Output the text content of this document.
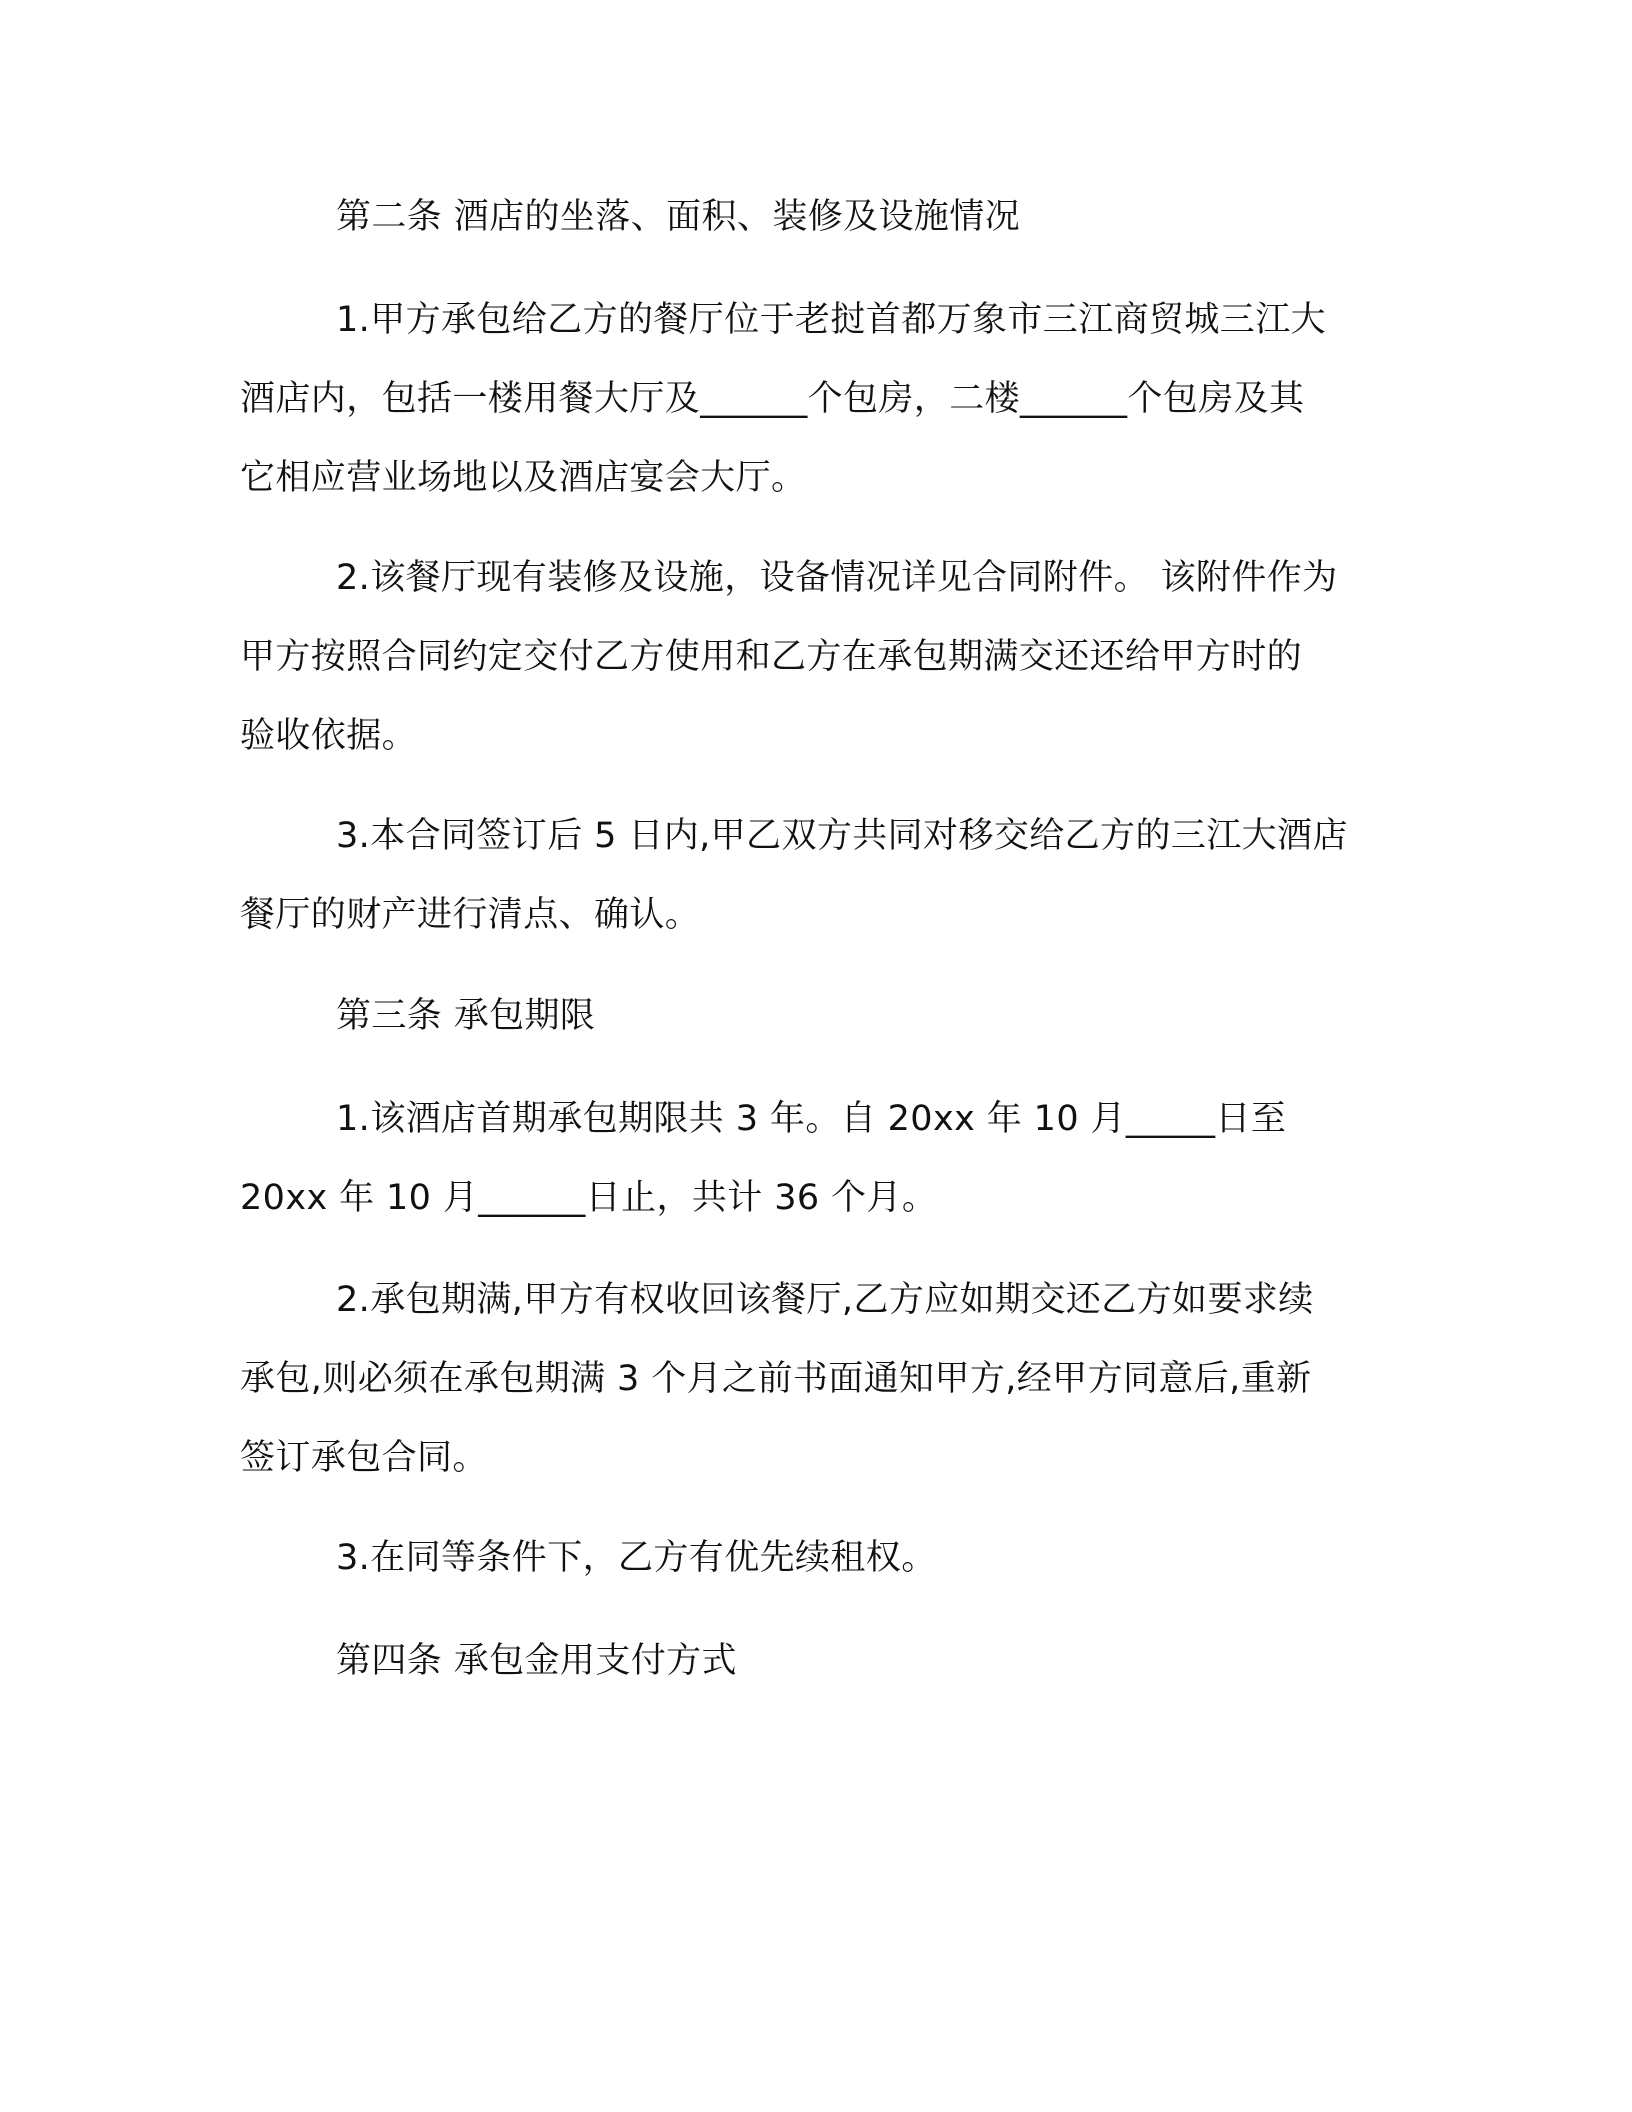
第二条 酒店的坐落、面积、装修及设施情况

1.甲方承包给乙方的餐厅位于老挝首都万象市三江商贸城三江大
酒店内，包括一楼用餐大厅及______个包房，二楼______个包房及其
它相应营业场地以及酒店宴会大厅。

2.该餐厅现有装修及设施，设备情况详见合同附件。 该附件作为
甲方按照合同约定交付乙方使用和乙方在承包期满交还还给甲方时的
验收依据。

3.本合同签订后 5 日内,甲乙双方共同对移交给乙方的三江大酒店
餐厅的财产进行清点、确认。

第三条 承包期限

1.该酒店首期承包期限共 3 年。自 20xx 年 10 月_____日至
20xx 年 10 月______日止，共计 36 个月。

2.承包期满,甲方有权收回该餐厅,乙方应如期交还乙方如要求续
承包,则必须在承包期满 3 个月之前书面通知甲方,经甲方同意后,重新
签订承包合同。

3.在同等条件下，乙方有优先续租权。

第四条 承包金用支付方式
